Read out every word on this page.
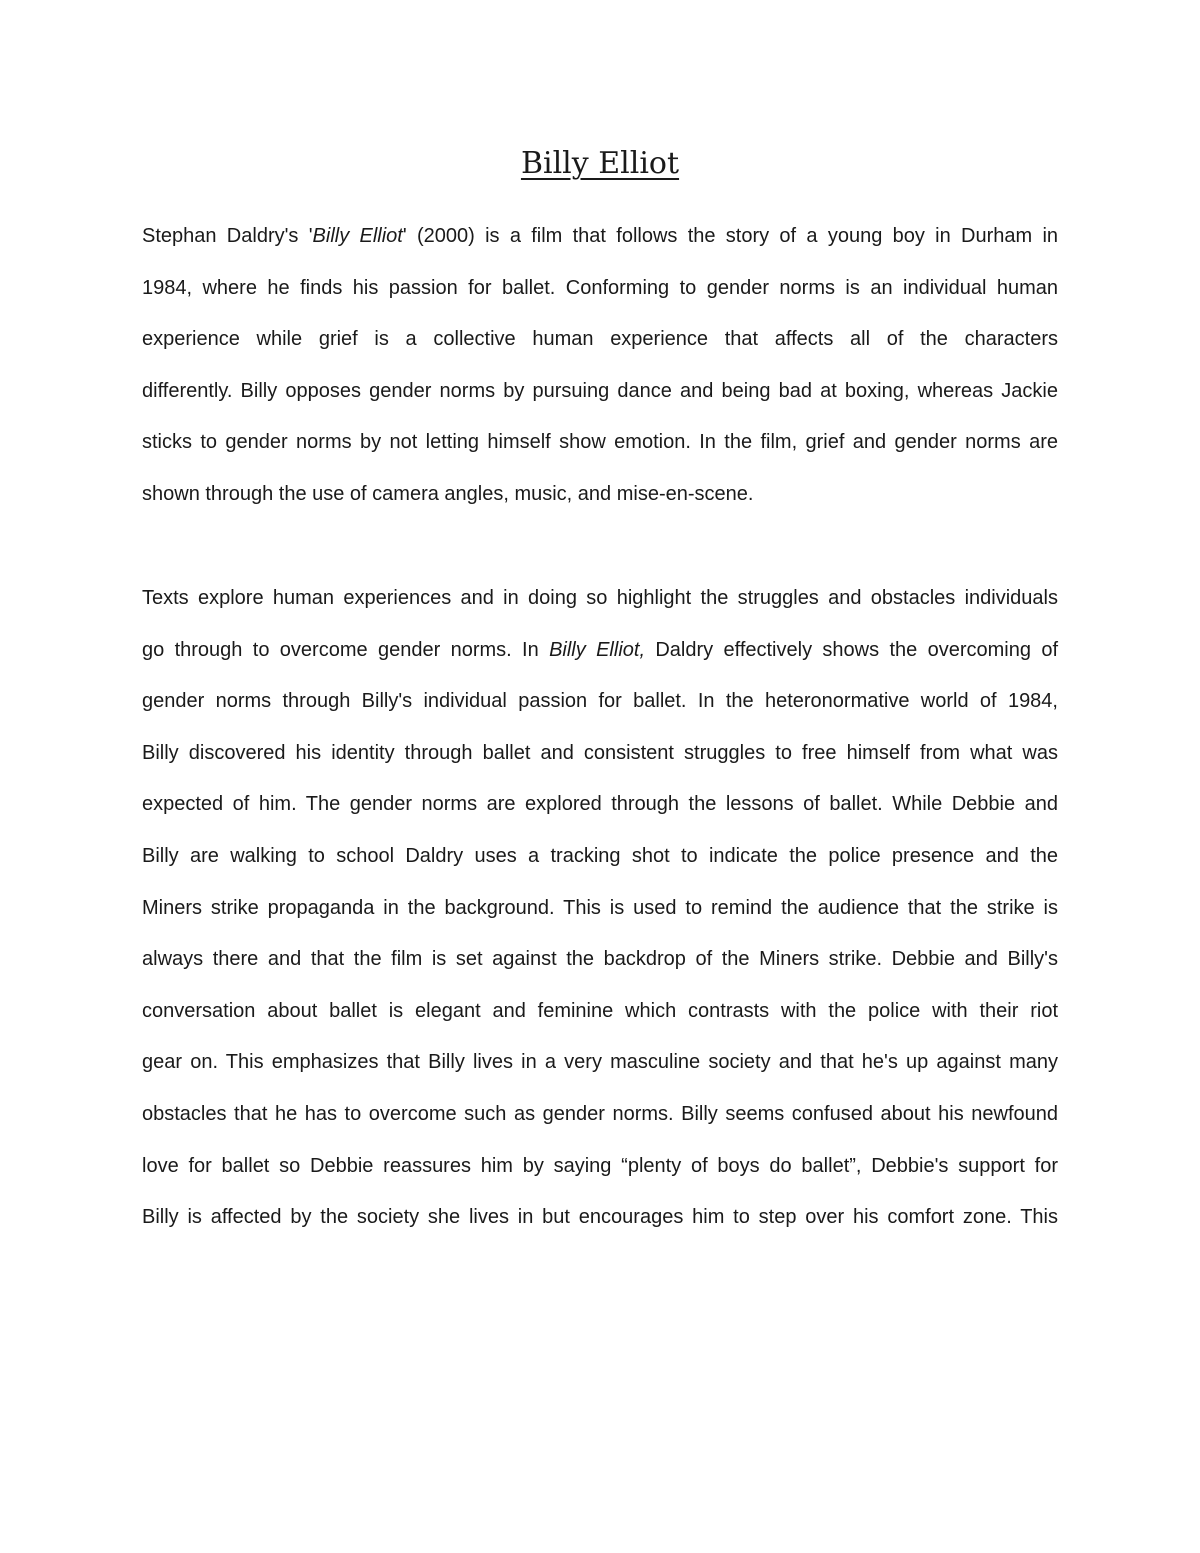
Billy Elliot
Stephan Daldry's 'Billy Elliot' (2000) is a film that follows the story of a young boy in Durham in
1984, where he finds his passion for ballet. Conforming to gender norms is an individual human
experience while grief is a collective human experience that affects all of the characters
differently. Billy opposes gender norms by pursuing dance and being bad at boxing, whereas Jackie
sticks to gender norms by not letting himself show emotion. In the film, grief and gender norms are
shown through the use of camera angles, music, and mise-en-scene.
Texts explore human experiences and in doing so highlight the struggles and obstacles individuals
go through to overcome gender norms. In Billy Elliot, Daldry effectively shows the overcoming of
gender norms through Billy's individual passion for ballet. In the heteronormative world of 1984,
Billy discovered his identity through ballet and consistent struggles to free himself from what was
expected of him. The gender norms are explored through the lessons of ballet. While Debbie and
Billy are walking to school Daldry uses a tracking shot to indicate the police presence and the
Miners strike propaganda in the background. This is used to remind the audience that the strike is
always there and that the film is set against the backdrop of the Miners strike. Debbie and Billy's
conversation about ballet is elegant and feminine which contrasts with the police with their riot
gear on. This emphasizes that Billy lives in a very masculine society and that he's up against many
obstacles that he has to overcome such as gender norms. Billy seems confused about his newfound
love for ballet so Debbie reassures him by saying “plenty of boys do ballet”, Debbie's support for
Billy is affected by the society she lives in but encourages him to step over his comfort zone. This
